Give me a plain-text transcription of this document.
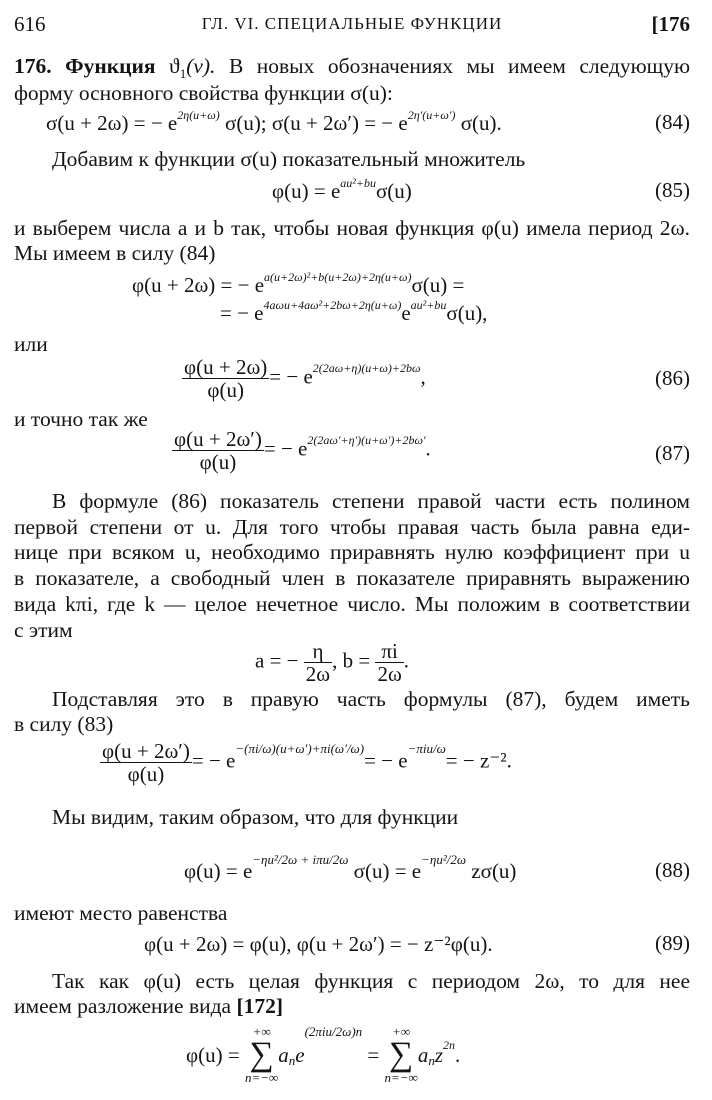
616	ГЛ. VI. СПЕЦИАЛЬНЫЕ ФУНКЦИИ	[176
176. Функция $ϑ_1(v)$. В новых обозначениях мы имеем следующую
форму основного свойства функции σ(u):
σ(u + 2ω) = − $e^{2\eta(u+\omega)}$ σ(u); σ(u + 2ω′) = − $e^{2\eta'(u+\omega')}$ σ(u).	(84)
Добавим к функции σ(u) показательный множитель
$\varphi(u) = e^{au^2+bu}\sigma(u)$	(85)
и выберем числа a и b так, чтобы новая функция φ(u) имела период 2ω.
Мы имеем в силу (84)
φ(u + 2ω) = − $e^{a(u+2\omega)^2+b(u+2\omega)+2\eta(u+\omega)}\sigma(u)$ =
= − $e^{4a\omega u+4a\omega^2+2b\omega+2\eta(u+\omega)}e^{au^2+bu}\sigma(u)$,
или
$\frac{\varphi(u + 2\omega)}{\varphi(u)}$ = − $e^{2(2a\omega+\eta)(u+\omega)+2b\omega}$,	(86)
и точно так же
$\frac{\varphi(u + 2\omega')}{\varphi(u)}$ = − $e^{2(2a\omega'+\eta')(u+\omega')+2b\omega'}$.	(87)
В формуле (86) показатель степени правой части есть полином
первой степени от u. Для того чтобы правая часть была равна еди-
нице при всяком u, необходимо приравнять нулю коэффициент при u
в показателе, а свободный член в показателе приравнять выражению
вида kπi, где k — целое нечетное число. Мы положим в соответствии
с этим
a = − $\frac{\eta}{2\omega}$ , $b = \frac{\pi i}{2\omega}$ .
Подставляя это в правую часть формулы (87), будем иметь
в силу (83)
$\frac{\varphi(u + 2\omega')}{\varphi(u)}$ = − e−(πi/ω)(u+ω′)+πi(ω′/ω)= − e−πiu/ω= − z⁻².
Мы видим, таким образом, что для функции
φ(u) = e−ηu²/2ω + iπu/2ω σ(u) = e−ηu²/2ω zσ(u)	(88)
имеют место равенства
φ(u + 2ω) = φ(u), φ(u + 2ω′) = − z⁻²φ(u).	(89)
Так как φ(u) есть целая функция с периодом 2ω, то для нее
имеем разложение вида [172]
φ(u) =
+∞
∑
n=−∞
$a_ne(2\pi iu/2\omega)n$ =
+∞
∑
n=−∞
$a_nz^{2n}$.
